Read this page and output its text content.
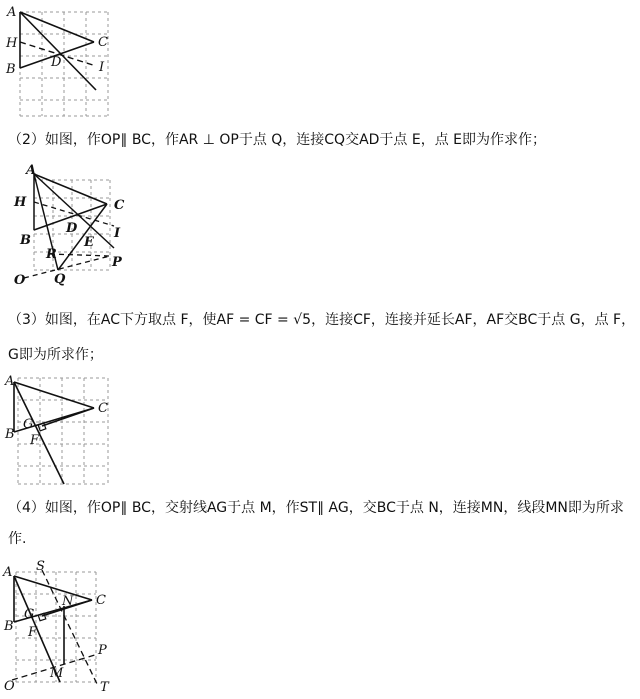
A
H
B
C
D	I
（2）如图，作OP∥ BC，作AR ⊥ OP于点 Q，连接CQ交AD于点 E，点 E即为作求作；
A
H
B
C
D
E
I
R
Q
P
O
（3）如图，在AC下方取点 F，使AF = CF = √5，连接CF，连接并延长AF，AF交BC于点 G，点 F，
G即为所求作；
A
B
C
G
F
（4）如图，作OP∥ BC，交射线AG于点 M，作ST∥ AG，交BC于点 N，连接MN，线段MN即为所求
作.
A S
N C
G
B F
P
M
O	T
